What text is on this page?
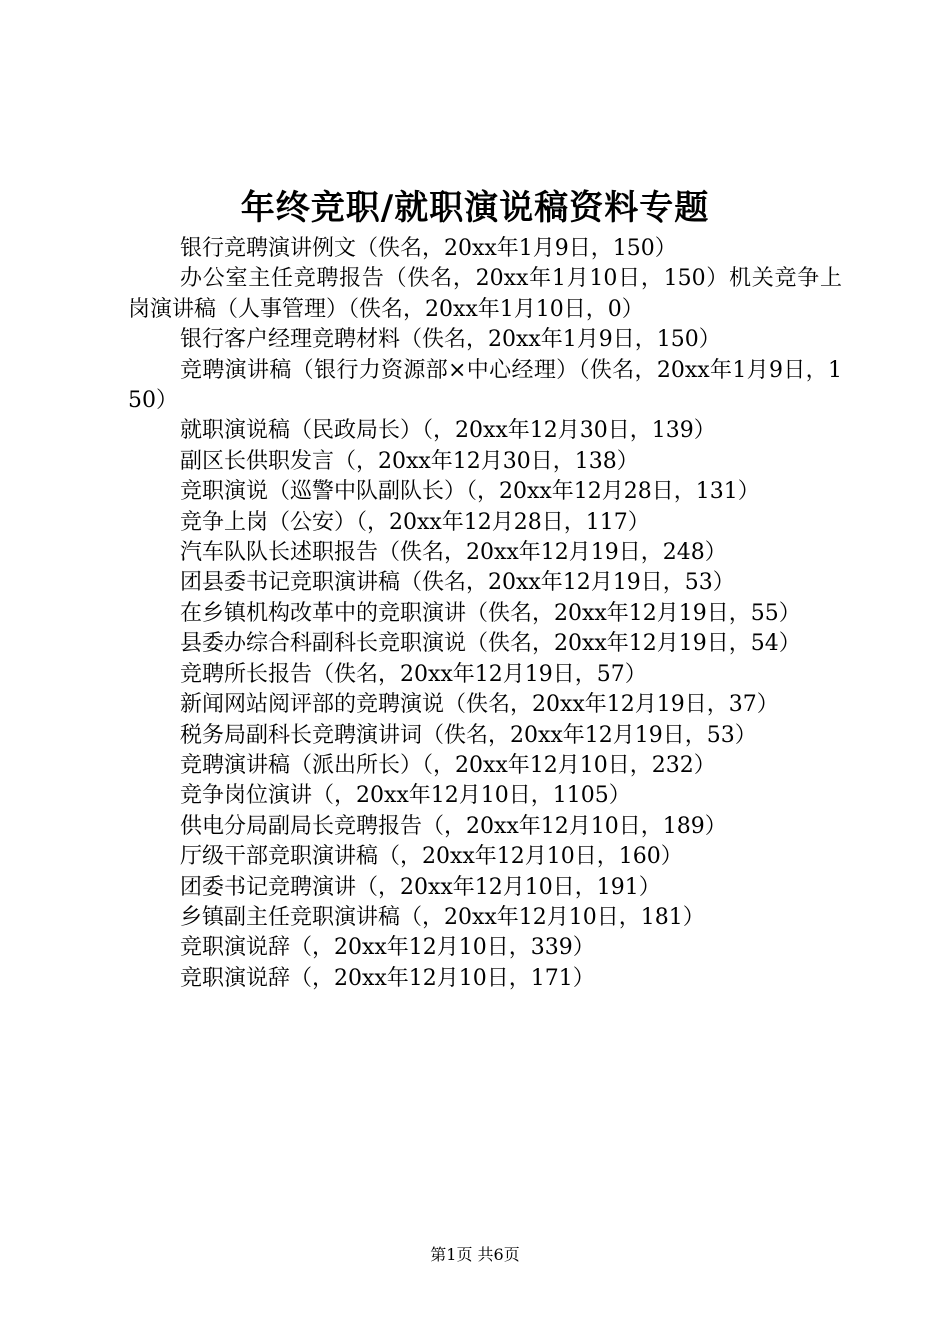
年终竞职/就职演说稿资料专题

银行竞聘演讲例文（佚名，20xx年1月9日，150）

办公室主任竞聘报告（佚名，20xx年1月10日，150）机关竞争上岗演讲稿（人事管理）（佚名，20xx年1月10日，0）

银行客户经理竞聘材料（佚名，20xx年1月9日，150）

竞聘演讲稿（银行力资源部×中心经理）（佚名，20xx年1月9日，150）

就职演说稿（民政局长）（，20xx年12月30日，139）

副区长供职发言（，20xx年12月30日，138）

竞职演说（巡警中队副队长）（，20xx年12月28日，131）

竞争上岗（公安）（，20xx年12月28日，117）

汽车队队长述职报告（佚名，20xx年12月19日，248）

团县委书记竞职演讲稿（佚名，20xx年12月19日，53）

在乡镇机构改革中的竞职演讲（佚名，20xx年12月19日，55）

县委办综合科副科长竞职演说（佚名，20xx年12月19日，54）

竞聘所长报告（佚名，20xx年12月19日，57）

新闻网站阅评部的竞聘演说（佚名，20xx年12月19日，37）

税务局副科长竞聘演讲词（佚名，20xx年12月19日，53）

竞聘演讲稿（派出所长）（，20xx年12月10日，232）

竞争岗位演讲（，20xx年12月10日，1105）

供电分局副局长竞聘报告（，20xx年12月10日，189）

厅级干部竞职演讲稿（，20xx年12月10日，160）

团委书记竞聘演讲（，20xx年12月10日，191）

乡镇副主任竞职演讲稿（，20xx年12月10日，181）

竞职演说辞（，20xx年12月10日，339）

竞职演说辞（，20xx年12月10日，171）

第1页 共6页
